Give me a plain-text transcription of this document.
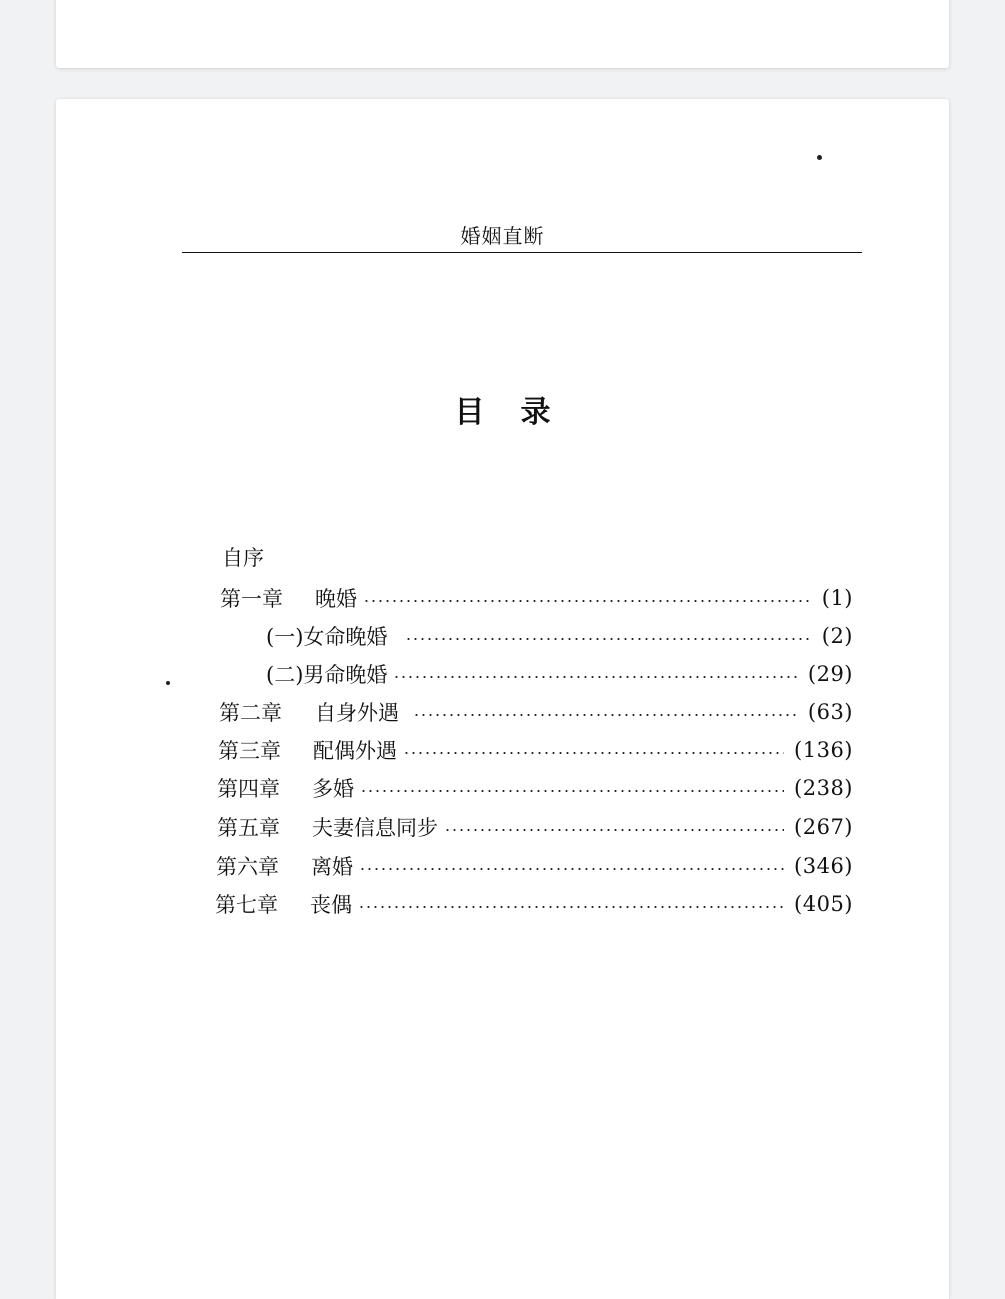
婚姻直断
目 录
自序
第一章	晚婚	(1)
(一)女命晚婚	(2)
(二)男命晚婚	(29)
第二章	自身外遇	(63)
第三章	配偶外遇	(136)
第四章	多婚	(238)
第五章	夫妻信息同步	(267)
第六章	离婚	(346)
第七章	丧偶	(405)
